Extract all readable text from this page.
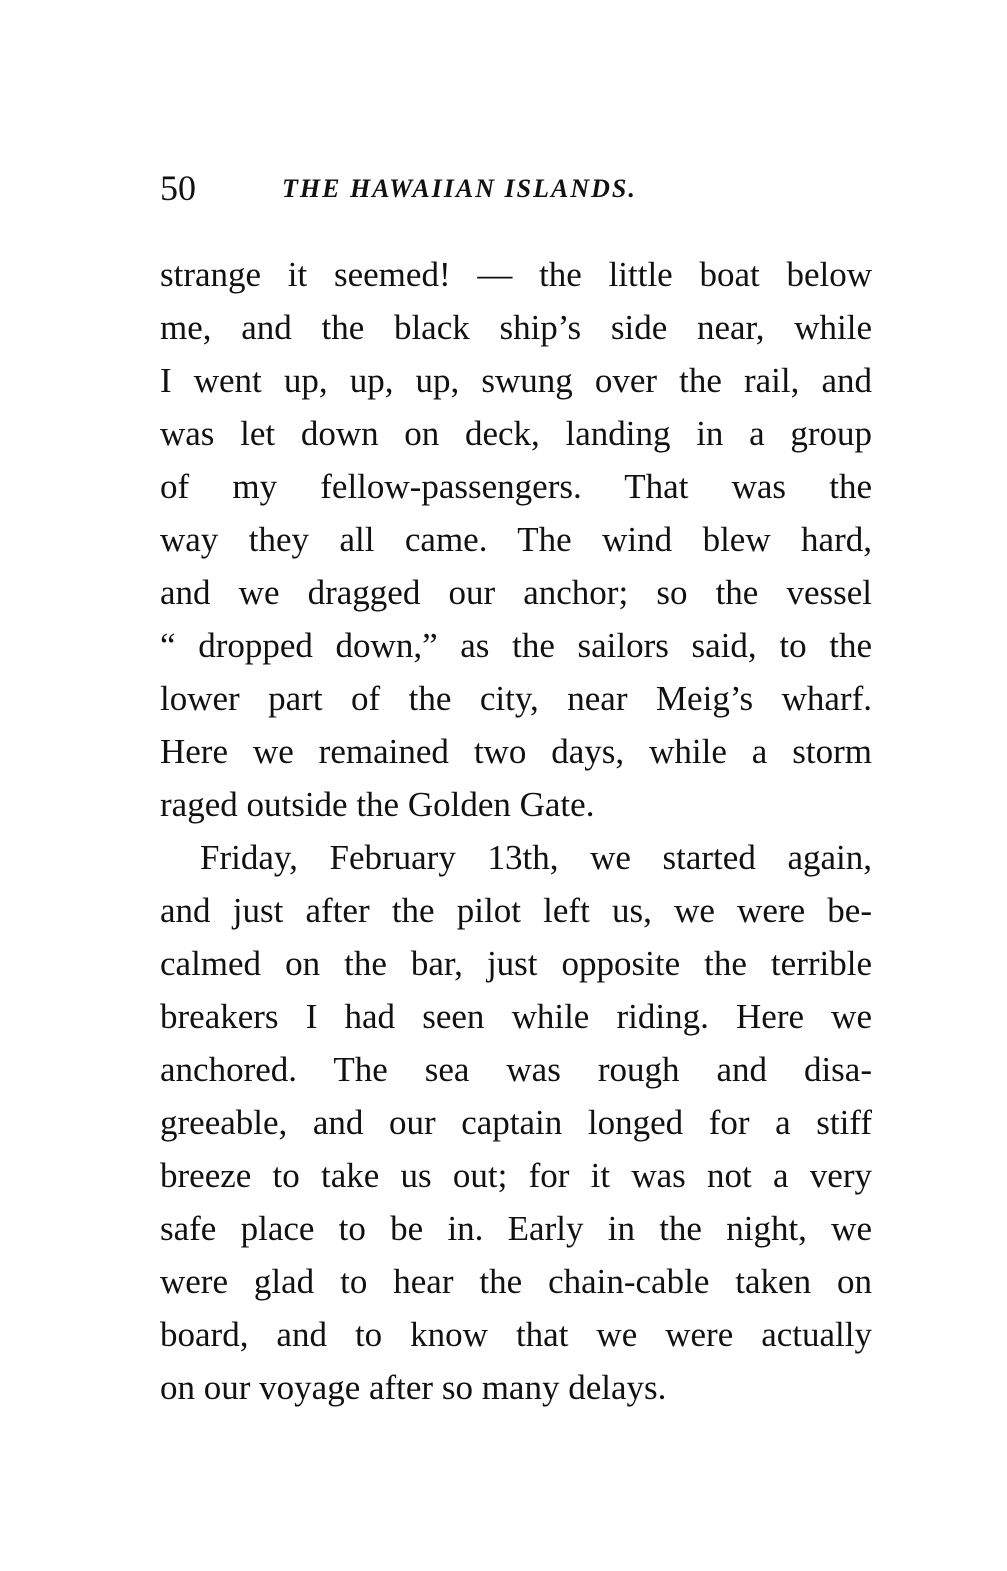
50	THE HAWAIIAN ISLANDS.
strange it seemed! — the little boat below
me, and the black ship’s side near, while
I went up, up, up, swung over the rail, and
was let down on deck, landing in a group
of my fellow-passengers. That was the
way they all came. The wind blew hard,
and we dragged our anchor; so the vessel
“ dropped down,” as the sailors said, to the
lower part of the city, near Meig’s wharf.
Here we remained two days, while a storm
raged outside the Golden Gate.
Friday, February 13th, we started again,
and just after the pilot left us, we were be-
calmed on the bar, just opposite the terrible
breakers I had seen while riding. Here we
anchored. The sea was rough and disa-
greeable, and our captain longed for a stiff
breeze to take us out; for it was not a very
safe place to be in. Early in the night, we
were glad to hear the chain-cable taken on
board, and to know that we were actually
on our voyage after so many delays.
